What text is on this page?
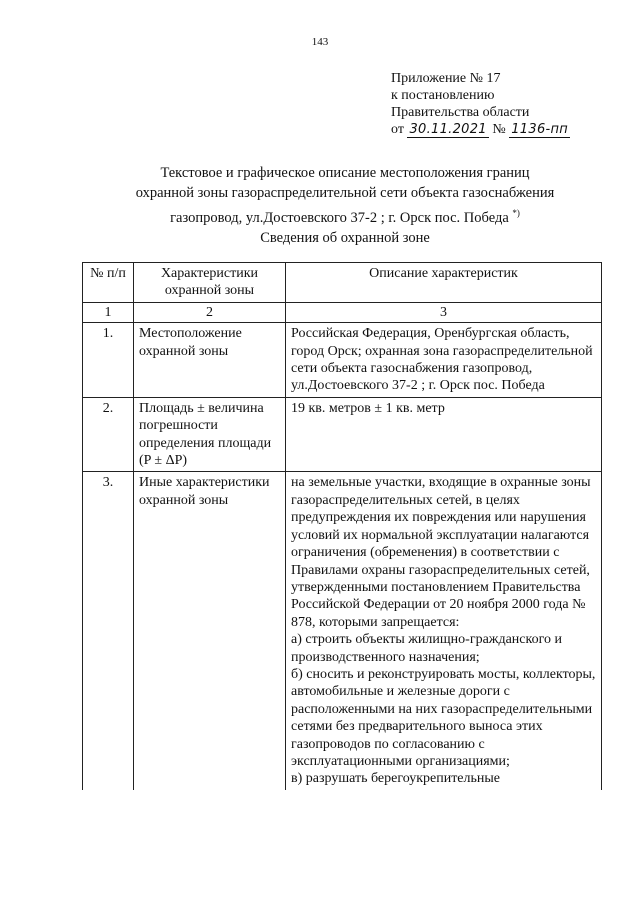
143
Приложение № 17
к постановлению
Правительства области
от 30.11.2021 № 1136-пп
Текстовое и графическое описание местоположения границ
охранной зоны газораспределительной сети объекта газоснабжения
газопровод, ул.Достоевского 37-2 ; г. Орск пос. Победа *)
Сведения об охранной зоне
№ п/п	Характеристики охранной зоны	Описание характеристик
1	2	3
1.	Местоположение охранной зоны	Российская Федерация, Оренбургская область, город Орск; охранная зона газораспределительной сети объекта газоснабжения газопровод, ул.Достоевского 37-2 ; г. Орск пос. Победа
2.	Площадь ± величина погрешности определения площади (P ± ΔP)	19 кв. метров ± 1 кв. метр
3.	Иные характеристики охранной зоны	на земельные участки, входящие в охранные зоны газораспределительных сетей, в целях предупреждения их повреждения или нарушения условий их нормальной эксплуатации налагаются ограничения (обременения) в соответствии с Правилами охраны газораспределительных сетей, утвержденными постановлением Правительства Российской Федерации от 20 ноября 2000 года № 878, которыми запрещается:
а) строить объекты жилищно-гражданского и производственного назначения;
б) сносить и реконструировать мосты, коллекторы, автомобильные и железные дороги с расположенными на них газораспределительными сетями без предварительного выноса этих газопроводов по согласованию с эксплуатационными организациями;
в) разрушать берегоукрепительные
